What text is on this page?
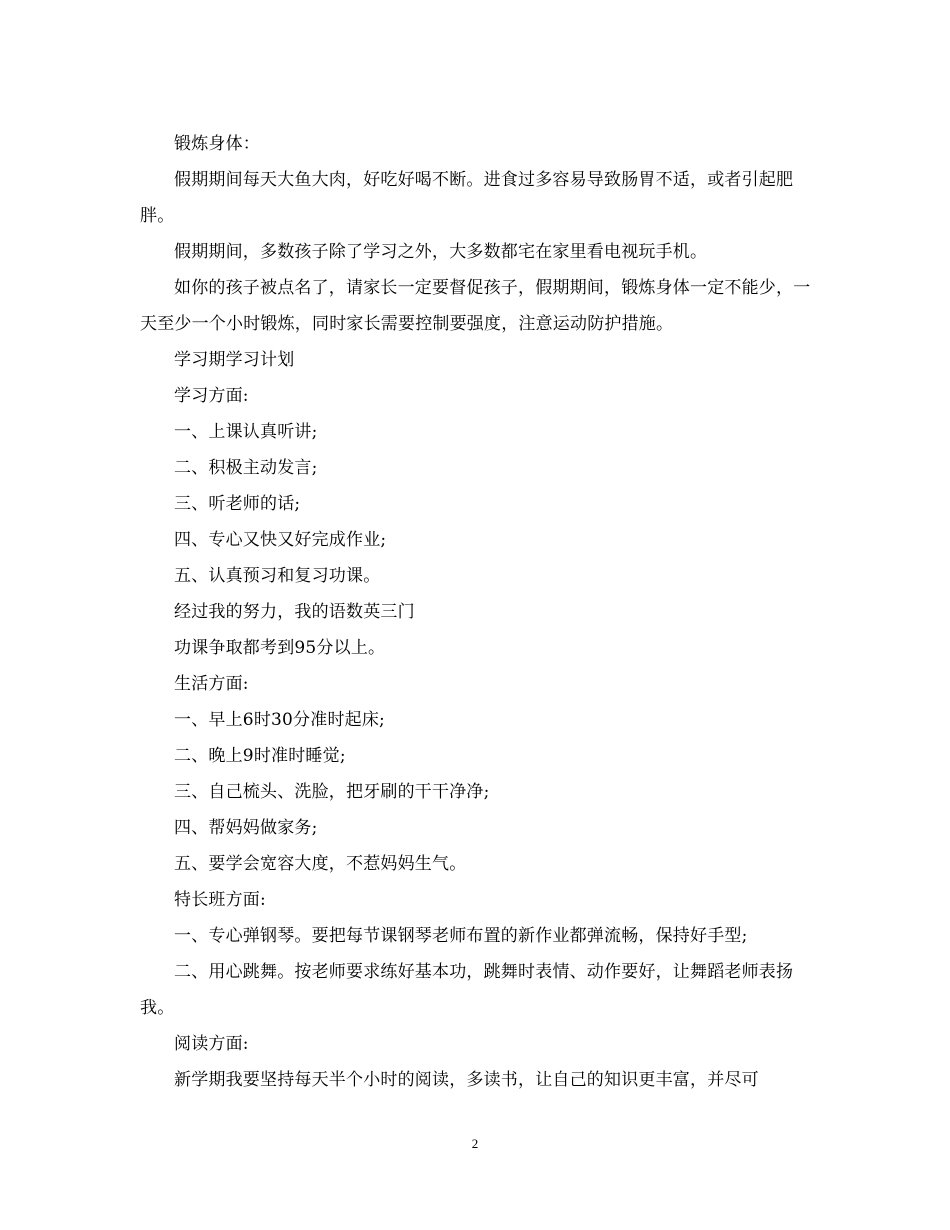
锻炼身体：

假期期间每天大鱼大肉，好吃好喝不断。进食过多容易导致肠胃不适，或者引起肥胖。

假期期间，多数孩子除了学习之外，大多数都宅在家里看电视玩手机。

如你的孩子被点名了，请家长一定要督促孩子，假期期间，锻炼身体一定不能少，一天至少一个小时锻炼，同时家长需要控制要强度，注意运动防护措施。

学习期学习计划

学习方面:

一、上课认真听讲;

二、积极主动发言;

三、听老师的话;

四、专心又快又好完成作业;

五、认真预习和复习功课。

经过我的努力，我的语数英三门

功课争取都考到95分以上。

生活方面:

一、早上6时30分准时起床;

二、晚上9时准时睡觉;

三、自己梳头、洗脸，把牙刷的干干净净;

四、帮妈妈做家务;

五、要学会宽容大度，不惹妈妈生气。

特长班方面:

一、专心弹钢琴。要把每节课钢琴老师布置的新作业都弹流畅，保持好手型;

二、用心跳舞。按老师要求练好基本功，跳舞时表情、动作要好，让舞蹈老师表扬我。

阅读方面:

新学期我要坚持每天半个小时的阅读，多读书，让自己的知识更丰富，并尽可

2
